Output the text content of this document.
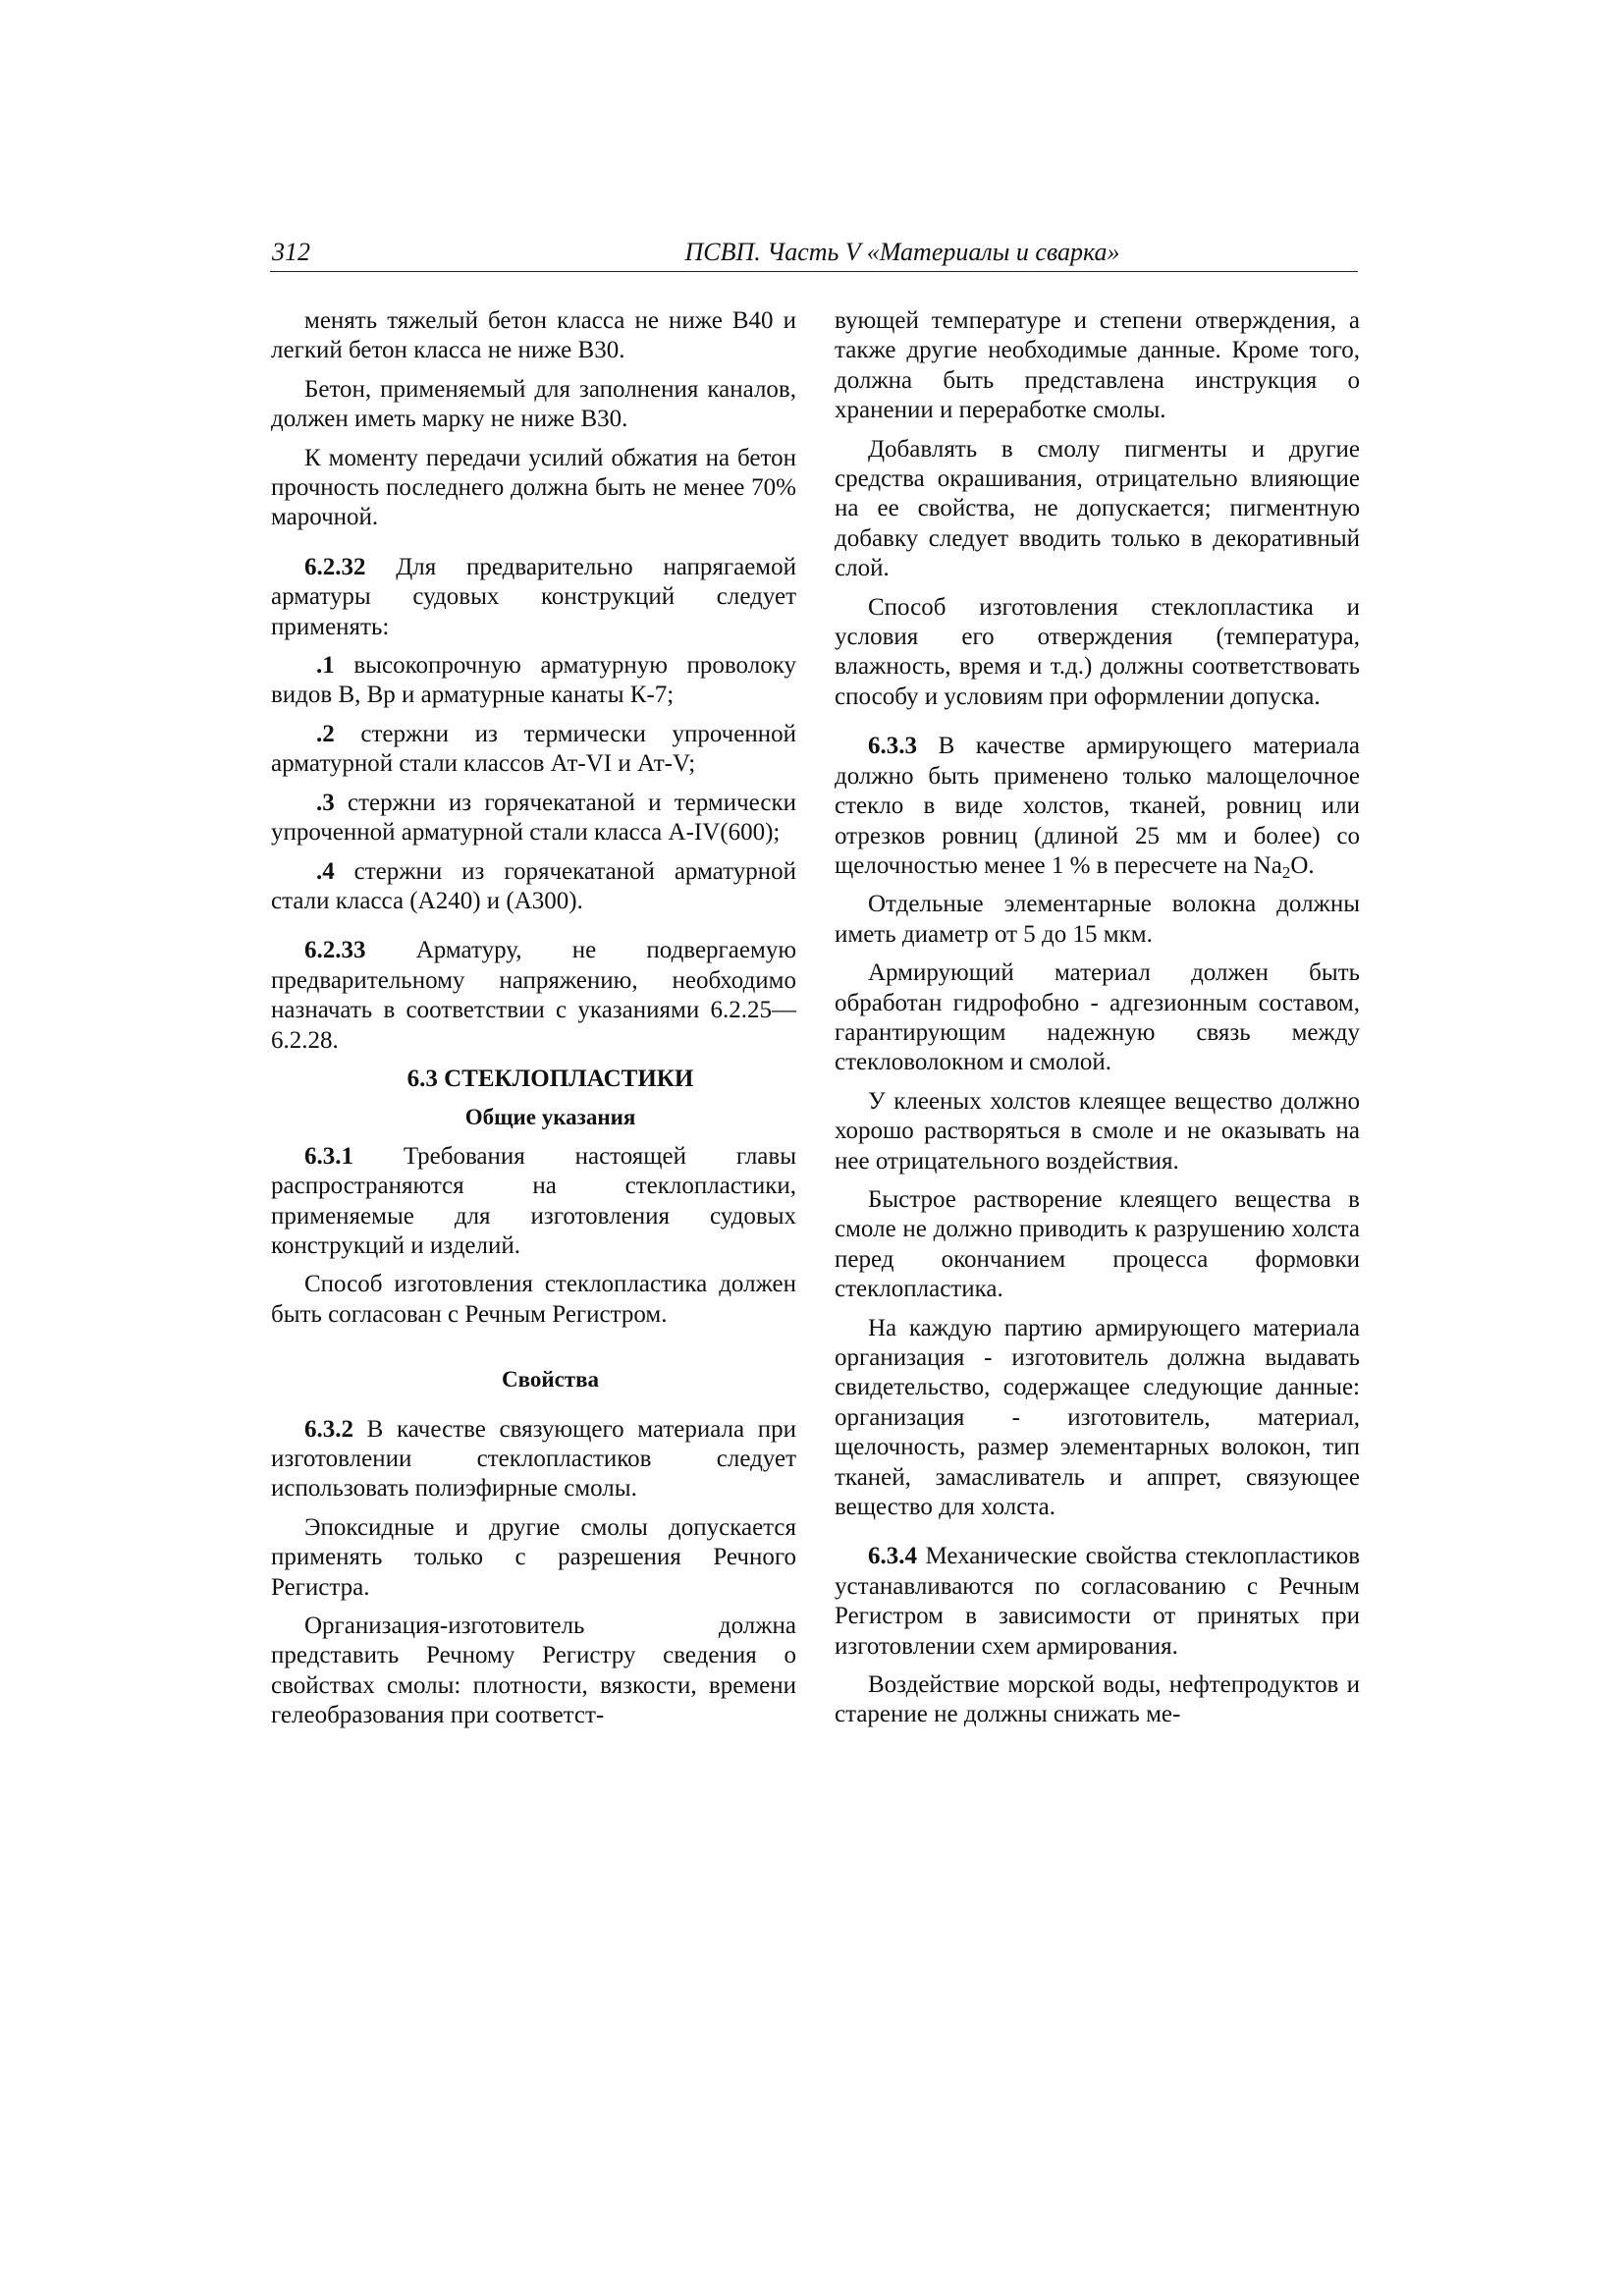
312	ПСВП. Часть V «Материалы и сварка»

менять тяжелый бетон класса не ниже В40 и легкий бетон класса не ниже В30.

Бетон, применяемый для заполнения каналов, должен иметь марку не ниже В30.

К моменту передачи усилий обжатия на бетон прочность последнего должна быть не менее 70% марочной.

6.2.32 Для предварительно напрягаемой арматуры судовых конструкций следует применять:

.1 высокопрочную арматурную проволоку видов В, Вр и арматурные канаты К-7;

.2 стержни из термически упроченной арматурной стали классов Ат-VI и Ат-V;

.3 стержни из горячекатаной и термически упроченной арматурной стали класса А-IV(600);

.4 стержни из горячекатаной арматурной стали класса (А240) и (А300).

6.2.33 Арматуру, не подвергаемую предварительному напряжению, необходимо назначать в соответствии с указаниями 6.2.25—6.2.28.

6.3 СТЕКЛОПЛАСТИКИ

Общие указания

6.3.1 Требования настоящей главы распространяются на стеклопластики, применяемые для изготовления судовых конструкций и изделий.

Способ изготовления стеклопластика должен быть согласован с Речным Регистром.

Свойства

6.3.2 В качестве связующего материала при изготовлении стеклопластиков следует использовать полиэфирные смолы.

Эпоксидные и другие смолы допускается применять только с разрешения Речного Регистра.

Организация-изготовитель должна представить Речному Регистру сведения о свойствах смолы: плотности, вязкости, времени гелеобразования при соответст-

вующей температуре и степени отверждения, а также другие необходимые данные. Кроме того, должна быть представлена инструкция о хранении и переработке смолы.

Добавлять в смолу пигменты и другие средства окрашивания, отрицательно влияющие на ее свойства, не допускается; пигментную добавку следует вводить только в декоративный слой.

Способ изготовления стеклопластика и условия его отверждения (температура, влажность, время и т.д.) должны соответствовать способу и условиям при оформлении допуска.

6.3.3 В качестве армирующего материала должно быть применено только малощелочное стекло в виде холстов, тканей, ровниц или отрезков ровниц (длиной 25 мм и более) со щелочностью менее 1 % в пересчете на $Na_2O$.

Отдельные элементарные волокна должны иметь диаметр от 5 до 15 мкм.

Армирующий материал должен быть обработан гидрофобно - адгезионным составом, гарантирующим надежную связь между стекловолокном и смолой.

У клееных холстов клеящее вещество должно хорошо растворяться в смоле и не оказывать на нее отрицательного воздействия.

Быстрое растворение клеящего вещества в смоле не должно приводить к разрушению холста перед окончанием процесса формовки стеклопластика.

На каждую партию армирующего материала организация - изготовитель должна выдавать свидетельство, содержащее следующие данные: организация - изготовитель, материал, щелочность, размер элементарных волокон, тип тканей, замасливатель и аппрет, связующее вещество для холста.

6.3.4 Механические свойства стеклопластиков устанавливаются по согласованию с Речным Регистром в зависимости от принятых при изготовлении схем армирования.

Воздействие морской воды, нефтепродуктов и старение не должны снижать ме-
